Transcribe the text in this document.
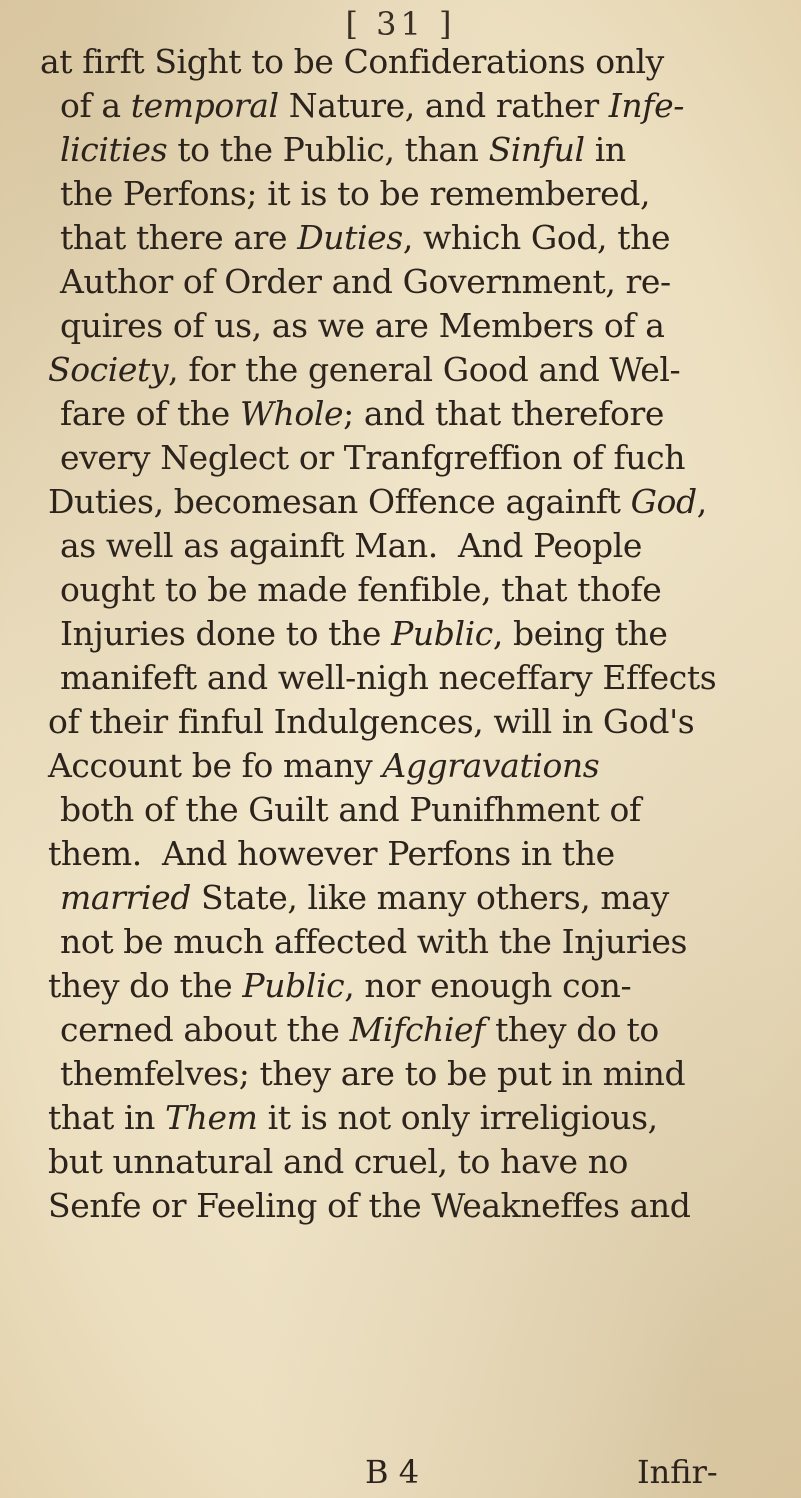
[ 31 ]
at firft Sight to be Confiderations only
of a temporal Nature, and rather Infe-
licities to the Public, than Sinful in
the Perfons; it is to be remembered,
that there are Duties, which God, the
Author of Order and Government, re-
quires of us, as we are Members of a
Society, for the general Good and Wel-
fare of the Whole; and that therefore
every Neglect or Tranfgreffion of fuch
Duties, becomesan Offence againft God,
as well as againft Man.  And People
ought to be made fenfible, that thofe
Injuries done to the Public, being the
manifeft and well-nigh neceffary Effects
of their finful Indulgences, will in God's
Account be fo many Aggravations
both of the Guilt and Punifhment of
them.  And however Perfons in the
married State, like many others, may
not be much affected with the Injuries
they do the Public, nor enough con-
cerned about the Mifchief they do to
themfelves; they are to be put in mind
that in Them it is not only irreligious,
but unnatural and cruel, to have no
Senfe or Feeling of the Weakneffes and
B 4	Infir-
